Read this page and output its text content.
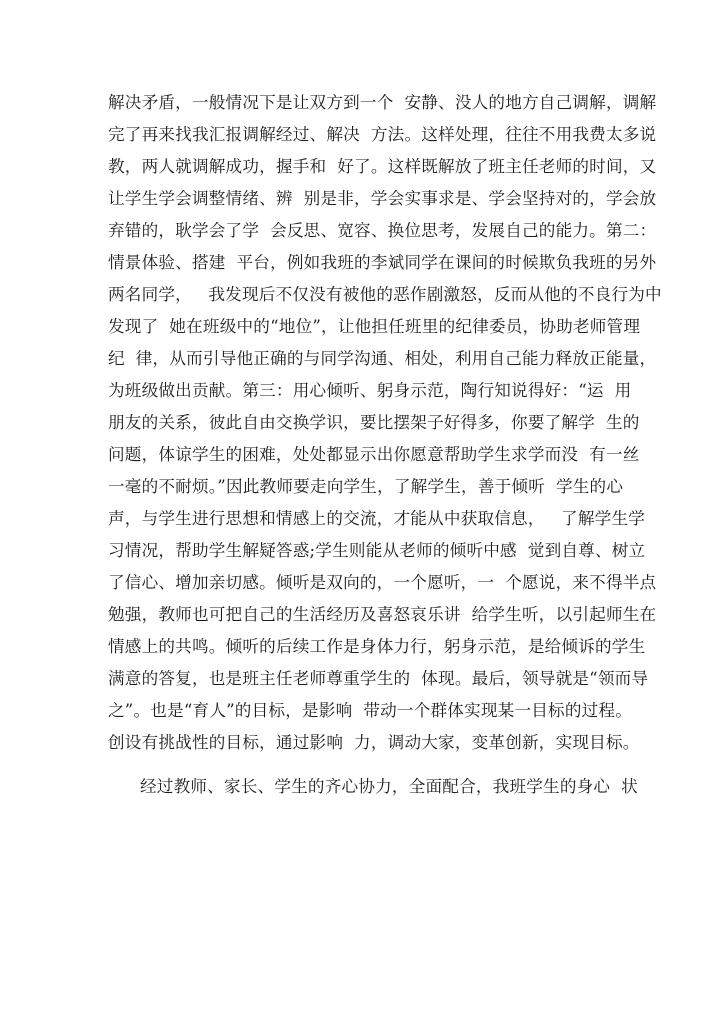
解决矛盾，一般情况下是让双方到一个  安静、没人的地方自己调解，调解
完了再来找我汇报调解经过、解决  方法。这样处理，往往不用我费太多说
教，两人就调解成功，握手和  好了。这样既解放了班主任老师的时间，又
让学生学会调整情绪、辨  别是非，学会实事求是、学会坚持对的，学会放
弃错的，耿学会了学  会反思、宽容、换位思考，发展自己的能力。第二：
情景体验、搭建  平台，例如我班的李斌同学在课间的时候欺负我班的另外
两名同学，   我发现后不仅没有被他的恶作剧激怒，反而从他的不良行为中
发现了  她在班级中的“地位”，让他担任班里的纪律委员，协助老师管理
纪  律，从而引导他正确的与同学沟通、相处，利用自己能力释放正能量，
为班级做出贡献。第三：用心倾听、躬身示范，陶行知说得好：“运  用
朋友的关系，彼此自由交换学识，要比摆架子好得多，你要了解学  生的
问题，体谅学生的困难，处处都显示出你愿意帮助学生求学而没  有一丝
一毫的不耐烦。”因此教师要走向学生，了解学生，善于倾听  学生的心
声，与学生进行思想和情感上的交流，才能从中获取信息，   了解学生学
习情况，帮助学生解疑答惑;学生则能从老师的倾听中感  觉到自尊、树立
了信心、增加亲切感。倾听是双向的，一个愿听，一  个愿说，来不得半点
勉强，教师也可把自己的生活经历及喜怒哀乐讲  给学生听，以引起师生在
情感上的共鸣。倾听的后续工作是身体力行，躬身示范，是给倾诉的学生
满意的答复，也是班主任老师尊重学生的  体现。最后，领导就是“领而导
之”。也是“育人”的目标，是影响  带动一个群体实现某一目标的过程。
创设有挑战性的目标，通过影响  力，调动大家，变革创新，实现目标。
经过教师、家长、学生的齐心协力，全面配合，我班学生的身心  状
